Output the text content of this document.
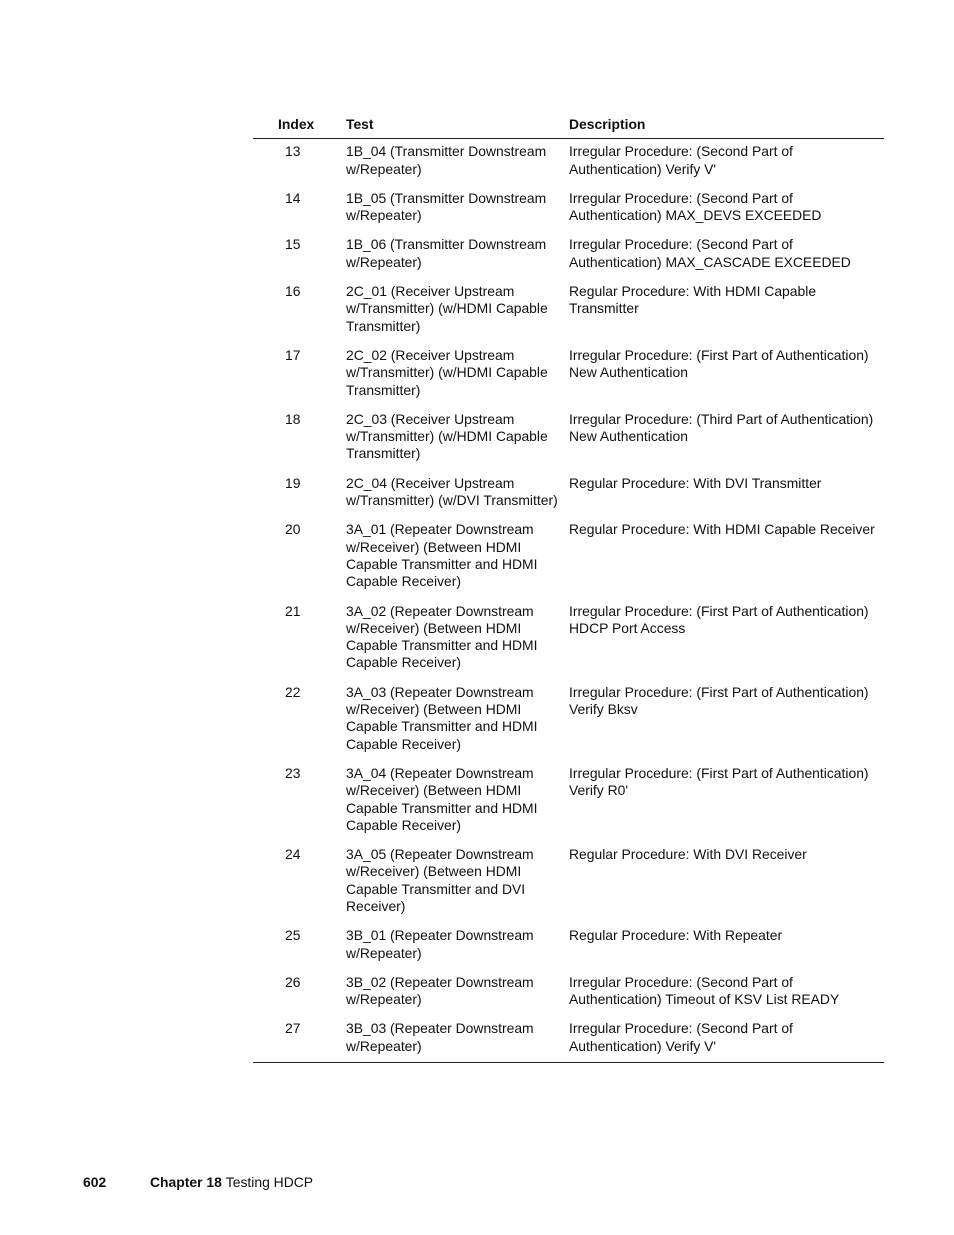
Index	Test	Description
13	1B_04 (Transmitter Downstream w/Repeater)	Irregular Procedure: (Second Part of Authentication) Verify V'
14	1B_05 (Transmitter Downstream w/Repeater)	Irregular Procedure: (Second Part of Authentication) MAX_DEVS EXCEEDED
15	1B_06 (Transmitter Downstream w/Repeater)	Irregular Procedure: (Second Part of Authentication) MAX_CASCADE EXCEEDED
16	2C_01 (Receiver Upstream w/Transmitter) (w/HDMI Capable Transmitter)	Regular Procedure: With HDMI Capable Transmitter
17	2C_02 (Receiver Upstream w/Transmitter) (w/HDMI Capable Transmitter)	Irregular Procedure: (First Part of Authentication) New Authentication
18	2C_03 (Receiver Upstream w/Transmitter) (w/HDMI Capable Transmitter)	Irregular Procedure: (Third Part of Authentication) New Authentication
19	2C_04 (Receiver Upstream w/Transmitter) (w/DVI Transmitter)	Regular Procedure: With DVI Transmitter
20	3A_01 (Repeater Downstream w/Receiver) (Between HDMI Capable Transmitter and HDMI Capable Receiver)	Regular Procedure: With HDMI Capable Receiver
21	3A_02 (Repeater Downstream w/Receiver) (Between HDMI Capable Transmitter and HDMI Capable Receiver)	Irregular Procedure: (First Part of Authentication) HDCP Port Access
22	3A_03 (Repeater Downstream w/Receiver) (Between HDMI Capable Transmitter and HDMI Capable Receiver)	Irregular Procedure: (First Part of Authentication) Verify Bksv
23	3A_04 (Repeater Downstream w/Receiver) (Between HDMI Capable Transmitter and HDMI Capable Receiver)	Irregular Procedure: (First Part of Authentication) Verify R0'
24	3A_05 (Repeater Downstream w/Receiver) (Between HDMI Capable Transmitter and DVI Receiver)	Regular Procedure: With DVI Receiver
25	3B_01 (Repeater Downstream w/Repeater)	Regular Procedure: With Repeater
26	3B_02 (Repeater Downstream w/Repeater)	Irregular Procedure: (Second Part of Authentication) Timeout of KSV List READY
27	3B_03 (Repeater Downstream w/Repeater)	Irregular Procedure: (Second Part of Authentication) Verify V'
602	Chapter 18 Testing HDCP
